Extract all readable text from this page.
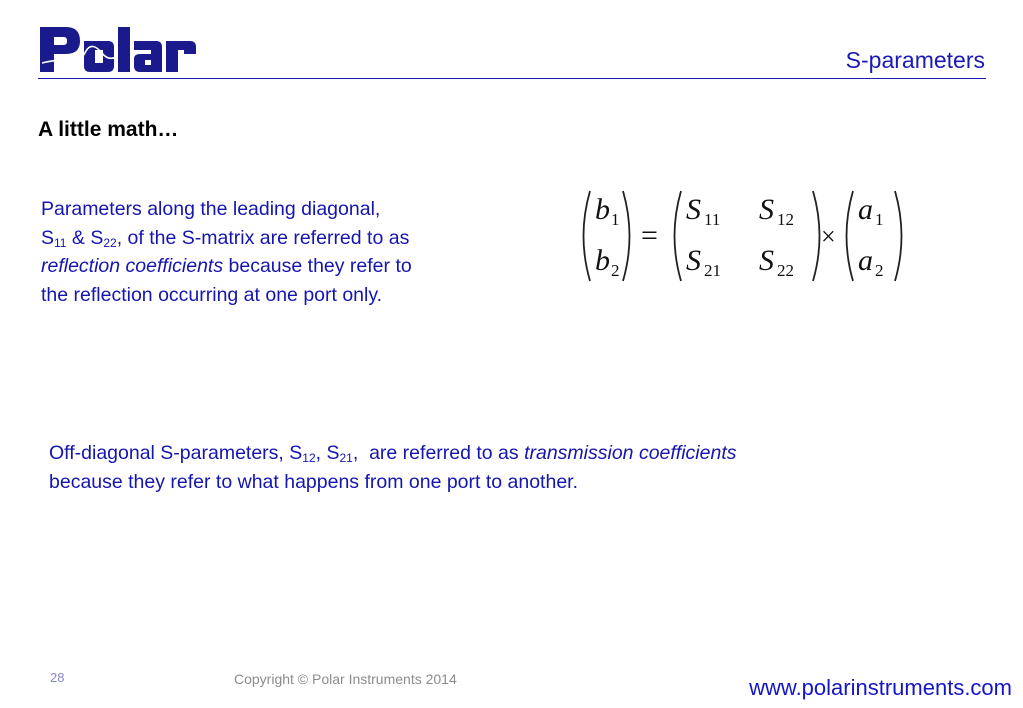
Polar
S-parameters
A little math…
Parameters along the leading diagonal,
$S_{11}$ & $S_{22}$, of the S-matrix are referred to as
reflection coefficients because they refer to
the reflection occurring at one port only.
b 1
b 2
=
S 11 S 12
S 21 S 22
×
a 1
a 2
Off-diagonal S-parameters, $S_{12}$, $S_{21}$,  are referred to as transmission coefficients
because they refer to what happens from one port to another.
28	Copyright © Polar Instruments 2014	www.polarinstruments.com
